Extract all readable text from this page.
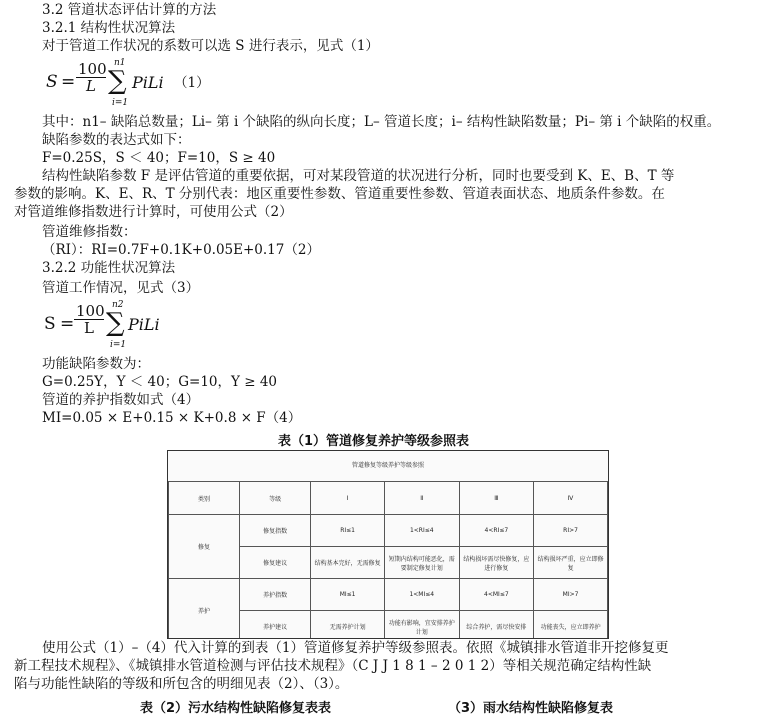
3.2 管道状态评估计算的方法
3.2.1 结构性状况算法
对于管道工作状况的系数可以选 S 进行表示，见式（1）
$S = \frac{100}{L} n1$
∑
i=1
PiLi （1）
其中：n1– 缺陷总数量；Li– 第 i 个缺陷的纵向长度；L– 管道长度；i– 结构性缺陷数量；Pi– 第 i 个缺陷的权重。
缺陷参数的表达式如下：
F=0.25S，S ＜ 40；F=10，S ≥ 40
结构性缺陷参数 F 是评估管道的重要依据，可对某段管道的状况进行分析，同时也要受到 K、E、B、T 等
参数的影响。K、E、R、T 分别代表：地区重要性参数、管道重要性参数、管道表面状态、地质条件参数。在
对管道维修指数进行计算时，可使用公式（2）
管道维修指数：
（RI）：RI=0.7F+0.1K+0.05E+0.17（2）
3.2.2 功能性状况算法
管道工作情况，见式（3）
$S = \frac{100}{L} n2$
∑
i=1
PiLi
功能缺陷参数为：
G=0.25Y，Y ＜ 40；G=10，Y ≥ 40
管道的养护指数如式（4）
MI=0.05 × E+0.15 × K+0.8 × F（4）
表（1）管道修复养护等级参照表
管道修复等级养护等级参照
类别	等级	Ⅰ	Ⅱ	Ⅲ	Ⅳ
修复	修复指数	RI≤1	1<RI≤4	4<RI≤7	RI>7
	修复建议	结构基本完好，无需修复	短期内结构可能恶化，需要制定修复计划	结构损坏需尽快修复，应进行修复	结构损坏严重，应立即修复
养护	养护指数	MI≤1	1<MI≤4	4<MI≤7	MI>7
	养护建议	无需养护计划	功能有影响，宜安排养护计划	综合养护，需尽快安排	功能丧失，应立即养护
使用公式（1）–（4）代入计算的到表（1）管道修复养护等级参照表。依照《城镇排水管道非开挖修复更
新工程技术规程》、《城镇排水管道检测与评估技术规程》（C J J 1 8 1 – 2 0 1 2）等相关规范确定结构性缺
陷与功能性缺陷的等级和所包含的明细见表（2）、（3）。
表（2）污水结构性缺陷修复表表	（3）雨水结构性缺陷修复表
